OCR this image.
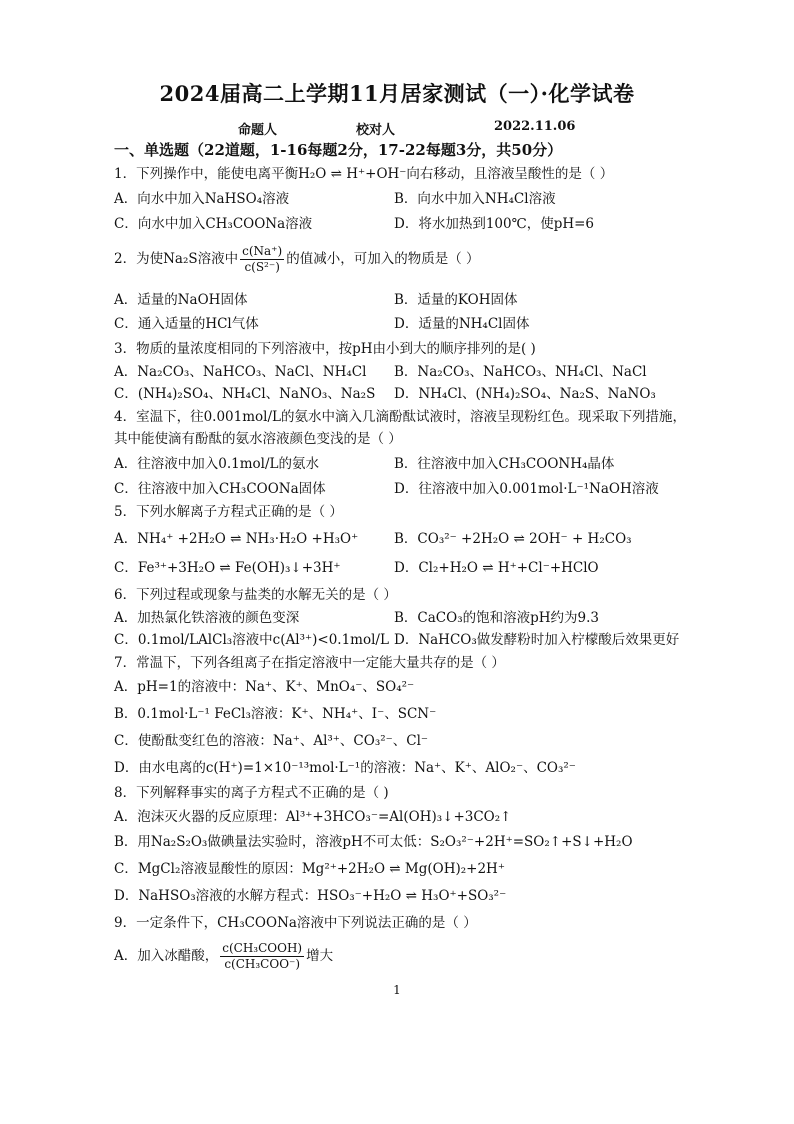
2024届高二上学期11月居家测试（一）·化学试卷
命题人	校对人	2022.11.06
一、单选题（22道题，1-16每题2分，17-22每题3分，共50分）
1．下列操作中，能使电离平衡H₂O ⇌ H⁺+OH⁻向右移动，且溶液呈酸性的是（ ）
A．向水中加入NaHSO₄溶液	B．向水中加入NH₄Cl溶液
C．向水中加入CH₃COONa溶液	D．将水加热到100℃，使pH=6
2．为使Na₂S溶液中 $\frac{c(Na^+)}{\text{c(S²⁻)}}$ 的值减小，可加入的物质是（ ）
A．适量的NaOH固体	B．适量的KOH固体
C．通入适量的HCl气体	D．适量的NH₄Cl固体
3．物质的量浓度相同的下列溶液中，按pH由小到大的顺序排列的是( )
A．Na₂CO₃、NaHCO₃、NaCl、NH₄Cl B．Na₂CO₃、NaHCO₃、NH₄Cl、NaCl
C．(NH₄)₂SO₄、NH₄Cl、NaNO₃、Na₂S D．NH₄Cl、(NH₄)₂SO₄、Na₂S、NaNO₃
4．室温下，往0.001mol/L的氨水中滴入几滴酚酞试液时，溶液呈现粉红色。现采取下列措施，
其中能使滴有酚酞的氨水溶液颜色变浅的是（ ）
A．往溶液中加入0.1mol/L的氨水	B．往溶液中加入CH₃COONH₄晶体
C．往溶液中加入CH₃COONa固体	D．往溶液中加入0.001mol·L⁻¹NaOH溶液
5．下列水解离子方程式正确的是（ ）
A．NH₄⁺ +2H₂O ⇌ NH₃·H₂O +H₃O⁺	B．CO₃²⁻ +2H₂O ⇌ 2OH⁻ + H₂CO₃
C．Fe³⁺+3H₂O ⇌ Fe(OH)₃↓+3H⁺	D．Cl₂+H₂O ⇌ H⁺+Cl⁻+HClO
6．下列过程或现象与盐类的水解无关的是（ ）
A．加热氯化铁溶液的颜色变深	B．CaCO₃的饱和溶液pH约为9.3
C．0.1mol/LAlCl₃溶液中c(Al³⁺)<0.1mol/L D．NaHCO₃做发酵粉时加入柠檬酸后效果更好
7．常温下，下列各组离子在指定溶液中一定能大量共存的是（ ）
A．pH=1的溶液中：Na⁺、K⁺、MnO₄⁻、SO₄²⁻
B．0.1mol·L⁻¹ FeCl₃溶液：K⁺、NH₄⁺、I⁻、SCN⁻
C．使酚酞变红色的溶液：Na⁺、Al³⁺、CO₃²⁻、Cl⁻
D．由水电离的c(H⁺)=1×10⁻¹³mol·L⁻¹的溶液：Na⁺、K⁺、AlO₂⁻、CO₃²⁻
8．下列解释事实的离子方程式不正确的是（ )
A．泡沫灭火器的反应原理：Al³⁺+3HCO₃⁻=Al(OH)₃↓+3CO₂↑
B．用Na₂S₂O₃做碘量法实验时，溶液pH不可太低：S₂O₃²⁻+2H⁺=SO₂↑+S↓+H₂O
C．MgCl₂溶液显酸性的原因：Mg²⁺+2H₂O ⇌ Mg(OH)₂+2H⁺
D．NaHSO₃溶液的水解方程式：HSO₃⁻+H₂O ⇌ H₃O⁺+SO₃²⁻
9．一定条件下，CH₃COONa溶液中下列说法正确的是（ ）
A．加入冰醋酸， $\frac{\text{c(CH₃COOH)}}{\text{c(CH₃COO⁻)}}$ 增大
1
